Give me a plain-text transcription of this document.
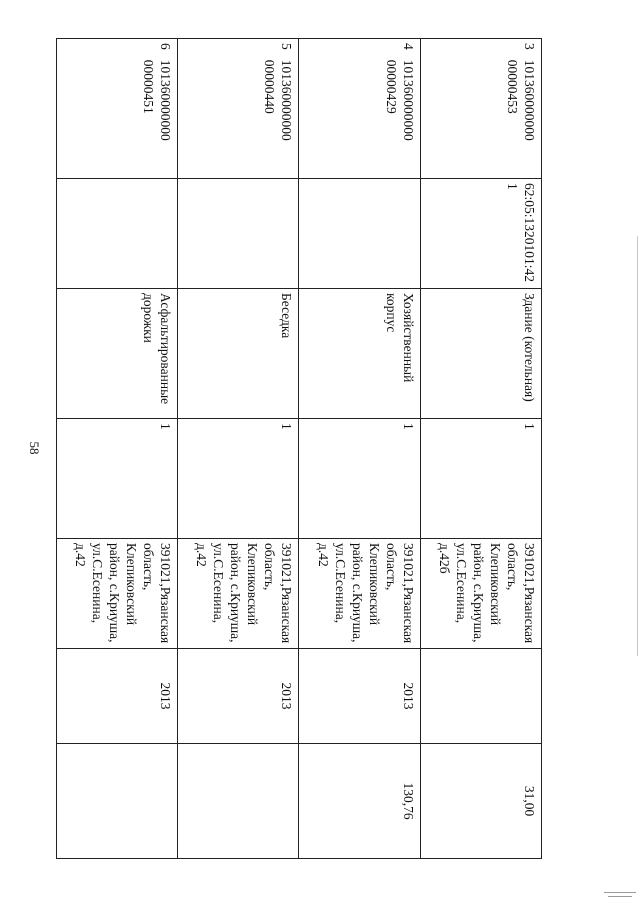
58
3
101360000000
00000453	62:05:1320101:421	Здание (котельная)	1	391021,Рязанская
область,
Клепиковский
район, с.Криуша,
ул.С.Есенина, д.42б		31,00

4
101360000000
00000429		Хозяйственный корпус	1	391021,Рязанская
область,
Клепиковский
район, с.Криуша,
ул.С.Есенина, д.42	2013	130,76

5
101360000000
00000440		Беседка	1	391021,Рязанская
область,
Клепиковский
район, с.Криуша,
ул.С.Есенина, д.42	2013	

6
101360000000
00000451		Асфальтированные дорожки	1	391021,Рязанская
область,
Клепиковский
район, с.Криуша,
ул.С.Есенина, д.42	2013	
